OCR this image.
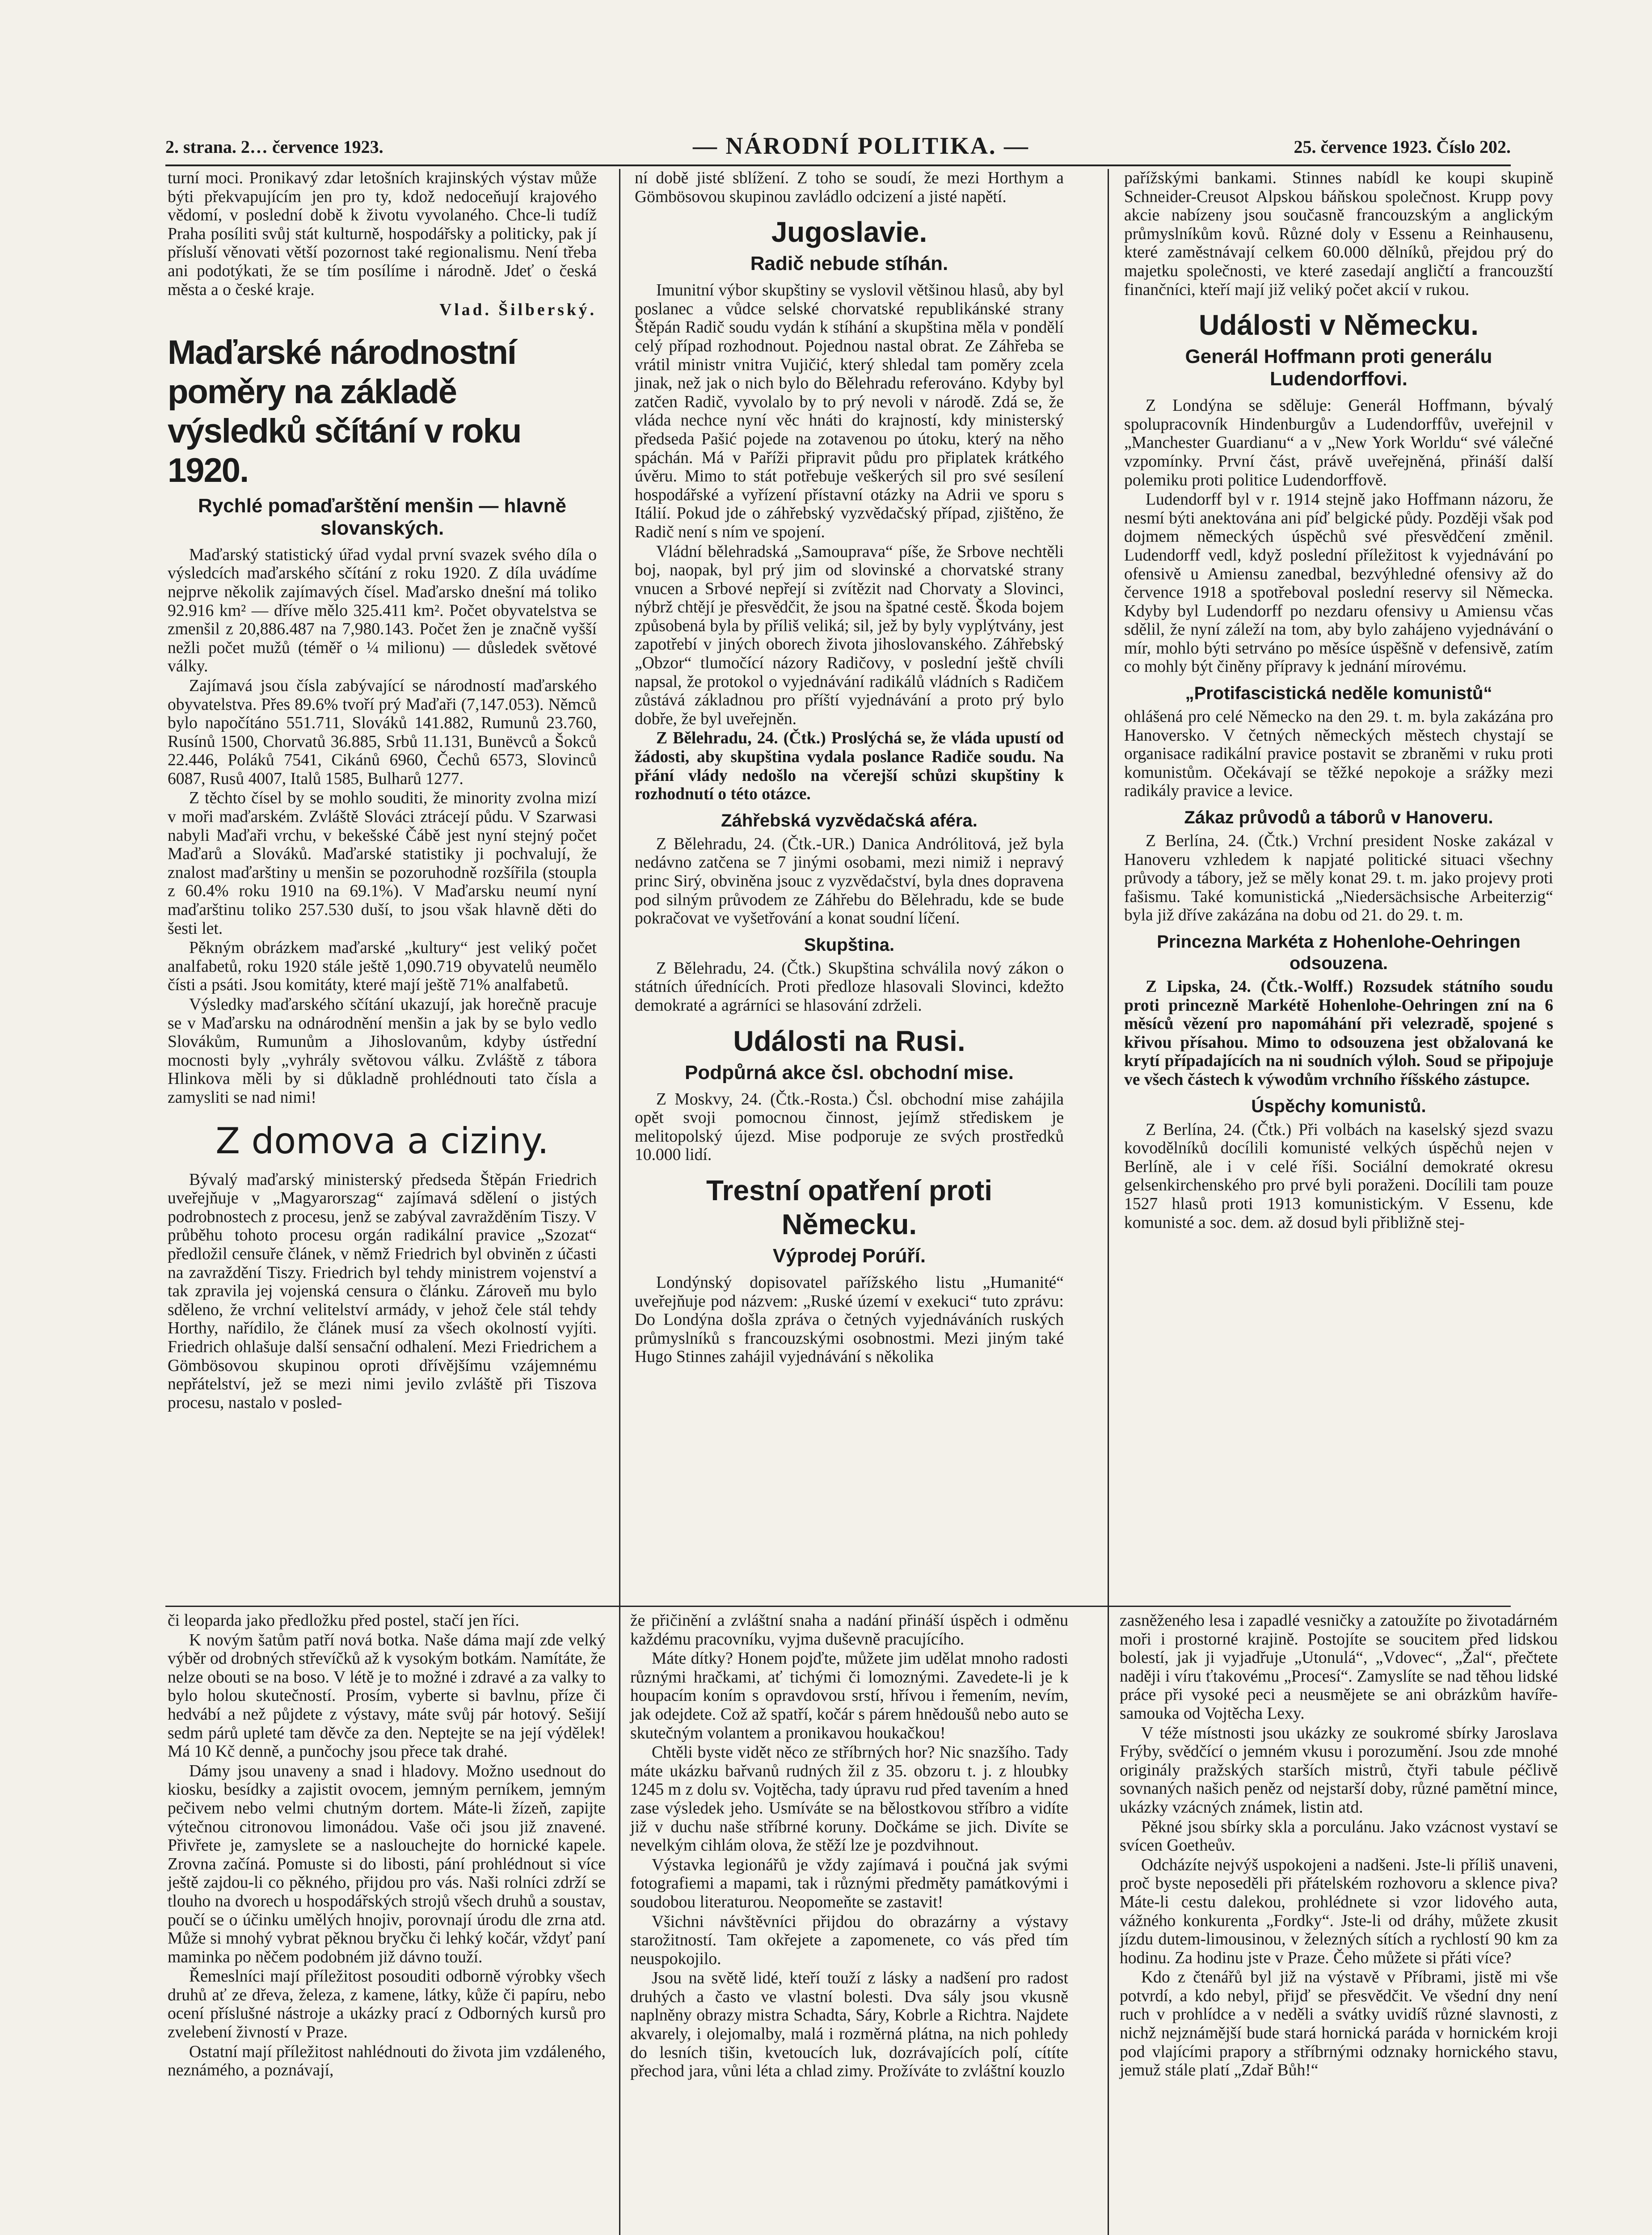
2. strana. 2… července 1923.	— NÁRODNÍ POLITIKA. —	25. července 1923. Číslo 202.

turní moci. Pronikavý zdar letošních krajinských výstav může býti překvapujícím jen pro ty, kdož nedoceňují krajového vědomí, v poslední době k životu vyvolaného. Chce-li tudíž Praha posíliti svůj stát kulturně, hospodářsky a politicky, pak jí přísluší věnovati větší pozornost také regionalismu. Není třeba ani podotýkati, že se tím posílíme i národně. Jdeť o česká města a o české kraje.

Vlad. Šilberský.
Maďarské národnostní poměry na základě výsledků sčítání v roku 1920.
Rychlé pomaďarštění menšin — hlavně slovanských.

Maďarský statistický úřad vydal první svazek svého díla o výsledcích maďarského sčítání z roku 1920. Z díla uvádíme nejprve několik zajímavých čísel. Maďarsko dnešní má toliko 92.916 km² — dříve mělo 325.411 km². Počet obyvatelstva se zmenšil z 20,886.487 na 7,980.143. Počet žen je značně vyšší nežli počet mužů (téměř o ¼ milionu) — důsledek světové války.

Zajímavá jsou čísla zabývající se národností maďarského obyvatelstva. Přes 89.6% tvoří prý Maďaři (7,147.053). Němců bylo napočítáno 551.711, Slováků 141.882, Rumunů 23.760, Rusínů 1500, Chorvatů 36.885, Srbů 11.131, Bunёvců a Šokců 22.446, Poláků 7541, Cikánů 6960, Čechů 6573, Slovinců 6087, Rusů 4007, Italů 1585, Bulharů 1277.

Z těchto čísel by se mohlo souditi, že minority zvolna mizí v moři maďarském. Zvláště Slováci ztrácejí půdu. V Szarwasi nabyli Maďaři vrchu, v bekešské Čábě jest nyní stejný počet Maďarů a Slováků. Maďarské statistiky ji pochvalují, že znalost maďarštiny u menšin se pozoruhodně rozšířila (stoupla z 60.4% roku 1910 na 69.1%). V Maďarsku neumí nyní maďarštinu toliko 257.530 duší, to jsou však hlavně děti do šesti let.

Pěkným obrázkem maďarské „kultury“ jest veliký počet analfabetů, roku 1920 stále ještě 1,090.719 obyvatelů neumělo čísti a psáti. Jsou komitáty, které mají ještě 71% analfabetů.

Výsledky maďarského sčítání ukazují, jak horečně pracuje se v Maďarsku na odnárodnění menšin a jak by se bylo vedlo Slovákům, Rumunům a Jihoslovanům, kdyby ústřední mocnosti byly „vyhrály světovou válku. Zvláště z tábora Hlinkova měli by si důkladně prohlédnouti tato čísla a zamysliti se nad nimi!

Z domova a ciziny.

Bývalý maďarský ministerský předseda Štěpán Friedrich uveřejňuje v „Magyarorszag“ zajímavá sdělení o jistých podrobnostech z procesu, jenž se zabýval zavražděním Tiszy. V průběhu tohoto procesu orgán radikální pravice „Szozat“ předložil censuře článek, v němž Friedrich byl obviněn z účasti na zavraždění Tiszy. Friedrich byl tehdy ministrem vojenství a tak zpravila jej vojenská censura o článku. Zároveň mu bylo sděleno, že vrchní velitelství armády, v jehož čele stál tehdy Horthy, nařídilo, že článek musí za všech okolností vyjíti. Friedrich ohlašuje další sensační odhalení. Mezi Friedrichem a Gömbösovou skupinou oproti dřívějšímu vzájemnému nepřátelství, jež se mezi nimi jevilo zvláště při Tiszova procesu, nastalo v posled-

ní době jisté sblížení. Z toho se soudí, že mezi Horthym a Gömbösovou skupinou zavládlo odcizení a jisté napětí.

Jugoslavie.
Radič nebude stíhán.

Imunitní výbor skupštiny se vyslovil většinou hlasů, aby byl poslanec a vůdce selské chorvatské republikánské strany Štěpán Radič soudu vydán k stíhání a skupština měla v pondělí celý případ rozhodnout. Pojednou nastal obrat. Ze Záhřeba se vrátil ministr vnitra Vujičić, který shledal tam poměry zcela jinak, než jak o nich bylo do Bělehradu referováno. Kdyby byl zatčen Radič, vyvolalo by to prý nevoli v národě. Zdá se, že vláda nechce nyní věc hnáti do krajností, kdy ministerský předseda Pašić pojede na zotavenou po útoku, který na něho spáchán. Má v Paříži připravit půdu pro připlatek krátkého úvěru. Mimo to stát potřebuje veškerých sil pro své sesílení hospodářské a vyřízení přístavní otázky na Adrii ve sporu s Itálií. Pokud jde o záhřebský vyzvědačský případ, zjištěno, že Radič není s ním ve spojení.

Vládní bělehradská „Samouprava“ píše, že Srbove nechtěli boj, naopak, byl prý jim od slovinské a chorvatské strany vnucen a Srbové nepřejí si zvítězit nad Chorvaty a Slovinci, nýbrž chtějí je přesvědčit, že jsou na špatné cestě. Škoda bojem způsobená byla by příliš veliká; sil, jež by byly vyplýtvány, jest zapotřebí v jiných oborech života jihoslovanského. Záhřebský „Obzor“ tlumočící názory Radičovy, v poslední ještě chvíli napsal, že protokol o vyjednávání radikálů vládních s Radičem zůstává základnou pro příští vyjednávání a proto prý bylo dobře, že byl uveřejněn.

Z Bělehradu, 24. (Čtk.) Proslýchá se, že vláda upustí od žádosti, aby skupština vydala poslance Radiče soudu. Na přání vlády nedošlo na včerejší schůzi skupštiny k rozhodnutí o této otázce.

Záhřebská vyzvědačská aféra.

Z Bělehradu, 24. (Čtk.-UR.) Danica Andrólitová, jež byla nedávno zatčena se 7 jinými osobami, mezi nimiž i nepravý princ Sirý, obviněna jsouc z vyzvědačství, byla dnes dopravena pod silným průvodem ze Záhřebu do Bělehradu, kde se bude pokračovat ve vyšetřování a konat soudní líčení.

Skupština.

Z Bělehradu, 24. (Čtk.) Skupština schválila nový zákon o státních úřednících. Proti předloze hlasovali Slovinci, kdežto demokraté a agrárníci se hlasování zdrželi.

Události na Rusi.
Podpůrná akce čsl. obchodní mise.

Z Moskvy, 24. (Čtk.-Rosta.) Čsl. obchodní mise zahájila opět svoji pomocnou činnost, jejímž střediskem je melitopolský újezd. Mise podporuje ze svých prostředků 10.000 lidí.

Trestní opatření proti Německu.
Výprodej Porúří.

Londýnský dopisovatel pařížského listu „Humanité“ uveřejňuje pod názvem: „Ruské území v exekuci“ tuto zprávu: Do Londýna došla zpráva o četných vyjednáváních ruských průmyslníků s francouzskými osobnostmi. Mezi jiným také Hugo Stinnes zahájil vyjednávání s několika

pařížskými bankami. Stinnes nabídl ke koupi skupině Schneider-Creusot Alpskou báňskou společnost. Krupp povy akcie nabízeny jsou současně francouzským a anglickým průmyslníkům kovů. Různé doly v Essenu a Reinhausenu, které zaměstnávají celkem 60.000 dělníků, přejdou prý do majetku společnosti, ve které zasedají angličtí a francouzští finančníci, kteří mají již veliký počet akcií v rukou.

Události v Německu.
Generál Hoffmann proti generálu Ludendorffovi.

Z Londýna se sděluje: Generál Hoffmann, bývalý spolupracovník Hindenburgův a Ludendorffův, uveřejnil v „Manchester Guardianu“ a v „New York Worldu“ své válečné vzpomínky. První část, právě uveřejněná, přináší další polemiku proti politice Ludendorffově.

Ludendorff byl v r. 1914 stejně jako Hoffmann názoru, že nesmí býti anektována ani píď belgické půdy. Později však pod dojmem německých úspěchů své přesvědčení změnil. Ludendorff vedl, když poslední příležitost k vyjednávání po ofensivě u Amiensu zanedbal, bezvýhledné ofensivy až do července 1918 a spotřeboval poslední reservy sil Německa. Kdyby byl Ludendorff po nezdaru ofensivy u Amiensu včas sdělil, že nyní záleží na tom, aby bylo zahájeno vyjednávání o mír, mohlo býti setrváno po měsíce úspěšně v defensivě, zatím co mohly být činěny přípravy k jednání mírovému.

„Protifascistická neděle komunistů“

ohlášená pro celé Německo na den 29. t. m. byla zakázána pro Hanoversko. V četných německých městech chystají se organisace radikální pravice postavit se zbraněmi v ruku proti komunistům. Očekávají se těžké nepokoje a srážky mezi radikály pravice a levice.

Zákaz průvodů a táborů v Hanoveru.

Z Berlína, 24. (Čtk.) Vrchní president Noske zakázal v Hanoveru vzhledem k napjaté politické situaci všechny průvody a tábory, jež se měly konat 29. t. m. jako projevy proti fašismu. Také komunistická „Niedersächsische Arbeiterzig“ byla již dříve zakázána na dobu od 21. do 29. t. m.

Princezna Markéta z Hohenlohe-Oehringen odsouzena.

Z Lipska, 24. (Čtk.-Wolff.) Rozsudek státního soudu proti princezně Markétě Hohenlohe-Oehringen zní na 6 měsíců vězení pro napomáhání při velezradě, spojené s křivou přísahou. Mimo to odsouzena jest obžalovaná ke krytí případajících na ni soudních výloh. Soud se připojuje ve všech částech k výwodům vrchního říšského zástupce.

Úspěchy komunistů.

Z Berlína, 24. (Čtk.) Při volbách na kaselský sjezd svazu kovodělníků docílili komunisté velkých úspěchů nejen v Berlíně, ale i v celé říši. Sociální demokraté okresu gelsenkirchenského pro prvé byli poraženi. Docílili tam pouze 1527 hlasů proti 1913 komunistickým. V Essenu, kde komunisté a soc. dem. až dosud byli přibližně stej-

či leoparda jako předložku před postel, stačí jen říci.

K novým šatům patří nová botka. Našе dáma mají zde velký výběr od drobných střevíčků až k vysokým botkám. Namítáte, že nelze obouti se na boso. V létě je to možné i zdravé a za valky to bylo holou skutečností. Prosím, vyberte si bavlnu, příze či hedvábí a než půjdete z výstavy, máte svůj pár hotový. Sešijí sedm párů upleté tam děvče za den. Neptejte se na její výdělek! Má 10 Kč denně, a punčochy jsou přece tak drahé.

Dámy jsou unaveny a snad i hladovy. Možno usednout do kiosku, besídky a zajistit ovocem, jemným perníkem, jemným pečivem nebo velmi chutným dortem. Máte-li žízeň, zapijte výtečnou citronovou limonádou. Vaše oči jsou již znavené. Přivřete je, zamyslete se a naslouchejte do hornické kapele. Zrovna začíná. Pomuste si do libosti, pání prohlédnout si více ještě zajdou-li co pěkného, přijdou pro vás. Naši rolníci zdrží se tlouho na dvorech u hospodářských strojů všech druhů a soustav, poučí se o účinku umělých hnojiv, porovnají úrodu dle zrna atd. Může si mnohý vybrat pěknou bryčku či lehký kočár, vždyť paní maminka po něčem podobném již dávno touží.

Řemeslníci mají příležitost posouditi odborně výrobky všech druhů ať ze dřeva, železa, z kamene, látky, kůže či papíru, nebo ocení příslušné nástroje a ukázky prací z Odborných kursů pro zvelebení živností v Praze.

Ostatní mají příležitost nahlédnouti do života jim vzdáleného, neznámého, a poznávají,

že přičinění a zvláštní snaha a nadání přináší úspěch i odměnu každému pracovníku, vyjma duševně pracujícího.

Máte dítky? Honem pojďte, můžete jim udělat mnoho radosti různými hračkami, ať tichými či lomoznými. Zavedete-li je k houpacím koním s opravdovou srstí, hřívou i řemením, nevím, jak odejdete. Což až spatří, kočár s párem hnědoušů nebo auto se skutečným volantem a pronikavou houkačkou!

Chtěli byste vidět něco ze stříbrných hor? Nic snazšího. Tady máte ukázku bařvanů rudných žil z 35. obzoru t. j. z hloubky 1245 m z dolu sv. Vojtěcha, tady úpravu rud před tavením a hned zase výsledek jeho. Usmíváte se na bělostkovou stříbro a vidíte již v duchu naše stříbrné koruny. Dočkáme se jich. Divíte se nevelkým cihlám olova, že stěží lze je pozdvihnout.

Výstavka legionářů je vždy zajímavá i poučná jak svými fotografiemi a mapami, tak i různými předměty památkovými i soudobou literaturou. Neopomeňte se zastavit!

Všichni návštěvníci přijdou do obrazárny a výstavy starožitností. Tam okřejete a zapomenete, co vás před tím neuspokojilo.

Jsou na světě lidé, kteří touží z lásky a nadšení pro radost druhých a často ve vlastní bolesti. Dva sály jsou vkusně naplněny obrazy mistra Schadta, Sáry, Kobrle a Richtra. Najdete akvarely, i olejomalby, malá i rozměrná plátna, na nich pohledy do lesních tišin, kvetoucích luk, dozrávajících polí, cítíte přechod jara, vůni léta a chlad zimy. Prožíváte to zvláštní kouzlo

zasněženého lesa i zapadlé vesničky a zatoužíte po životadárném moři i prostorné krajině. Postojíte se soucitem před lidskou bolestí, jak ji vyjadřuje „Utonulá“, „Vdovec“, „Žal“, přečtete naději i víru ťtakovému „Procesí“. Zamyslíte se nad těhou lidské práce při vysoké peci a neusmějete se ani obrázkům havíře-samouka od Vojtěcha Lexy.

V téže místnosti jsou ukázky ze soukromé sbírky Jaroslava Frýby, svědčící o jemném vkusu i porozumění. Jsou zde mnohé originály pražských starších mistrů, čtyři tabule péčlivě sovnaných našich peněz od nejstarší doby, různé pamětní mince, ukázky vzácných známek, listin atd.

Pěkné jsou sbírky skla a porculánu. Jako vzácnost vystaví se svícen Goetheův.

Odcházíte nejvýš uspokojeni a nadšeni. Jste-li příliš unaveni, proč byste neposeděli při přátelském rozhovoru a sklence piva? Máte-li cestu dalekou, prohlédnete si vzor lidového auta, vážného konkurenta „Fordky“. Jste-li od dráhy, můžete zkusit jízdu dutem-limousinou, v železných sítích a rychlostí 90 km za hodinu. Za hodinu jste v Praze. Čeho můžete si přáti více?

Kdo z čtenářů byl již na výstavě v Příbrami, jistě mi vše potvrdí, a kdo nebyl, přijď se přesvědčit. Ve všední dny není ruch v prohlídce a v neděli a svátky uvidíš různé slavnosti, z nichž nejznámější bude stará hornická paráda v hornickém kroji pod vlajícími prapory a stříbrnými odznaky hornického stavu, jemuž stále platí „Zdař Bůh!“
